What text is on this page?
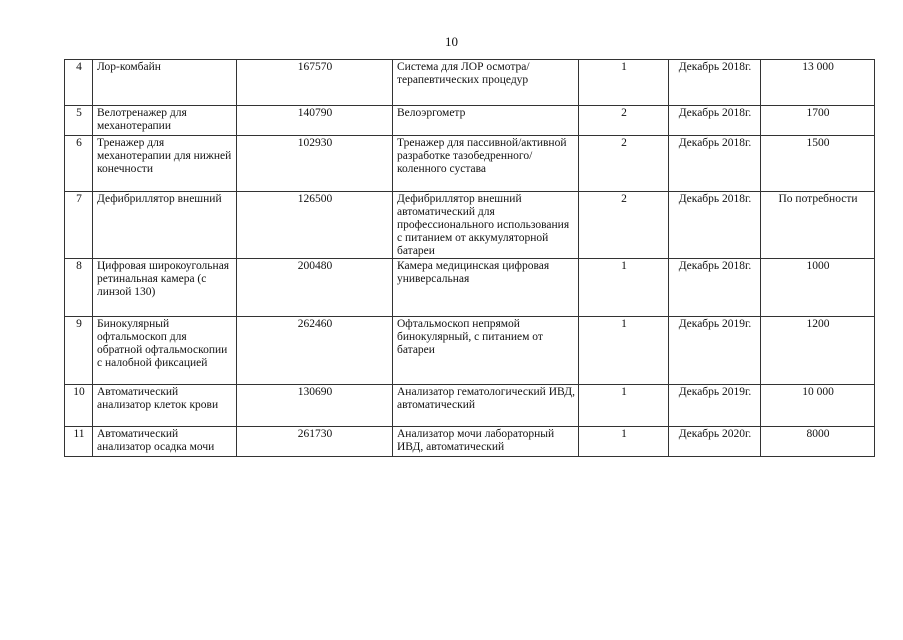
10
4	Лор-комбайн	167570	Система для ЛОР осмотра/терапевтических процедур	1	Декабрь 2018г.	13 000
5	Велотренажер для механотерапии	140790	Велоэргометр	2	Декабрь 2018г.	1700
6	Тренажер для механотерапии для нижней конечности	102930	Тренажер для пассивной/активной разработке тазобедренного/коленного сустава	2	Декабрь 2018г.	1500
7	Дефибриллятор внешний	126500	Дефибриллятор внешний автоматический для профессионального использования с питанием от аккумуляторной батареи	2	Декабрь 2018г.	По потребности
8	Цифровая широкоугольная ретинальная камера (с линзой 130)	200480	Камера медицинская цифровая универсальная	1	Декабрь 2018г.	1000
9	Бинокулярный офтальмоскоп для обратной офтальмоскопии с налобной фиксацией	262460	Офтальмоскоп непрямой бинокулярный, с питанием от батареи	1	Декабрь 2019г.	1200
10	Автоматический анализатор клеток крови	130690	Анализатор гематологический ИВД, автоматический	1	Декабрь 2019г.	10 000
11	Автоматический анализатор осадка мочи	261730	Анализатор мочи лабораторный ИВД, автоматический	1	Декабрь 2020г.	8000
